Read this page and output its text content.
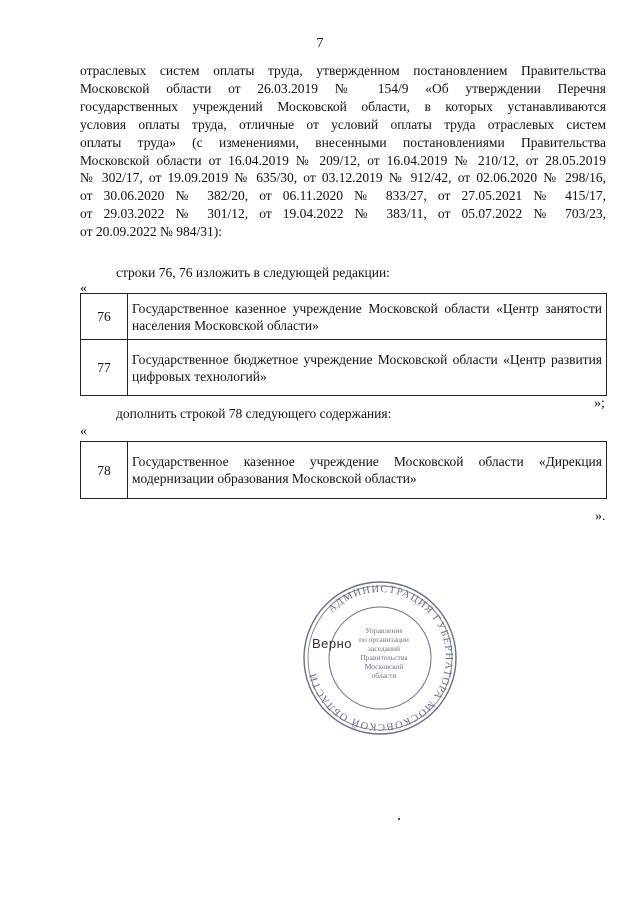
7
отраслевых систем оплаты труда, утвержденном постановлением Правительства
Московской области от 26.03.2019 № 154/9 «Об утверждении Перечня
государственных учреждений Московской области, в которых устанавливаются
условия оплаты труда, отличные от условий оплаты труда отраслевых систем
оплаты труда» (с изменениями, внесенными постановлениями Правительства
Московской области от 16.04.2019 № 209/12, от 16.04.2019 № 210/12, от 28.05.2019
№ 302/17, от 19.09.2019 № 635/30, от 03.12.2019 № 912/42, от 02.06.2020 № 298/16,
от 30.06.2020 № 382/20, от 06.11.2020 № 833/27, от 27.05.2021 № 415/17,
от 29.03.2022 № 301/12, от 19.04.2022 № 383/11, от 05.07.2022 № 703/23,
от 20.09.2022 № 984/31):
строки 76, 76 изложить в следующей редакции:
«
76	Государственное казенное учреждение Московской области «Центр занятости населения Московской области»
77	Государственное бюджетное учреждение Московской области «Центр развития цифровых технологий»
»;
дополнить строкой 78 следующего содержания:
«
78	Государственное казенное учреждение Московской области «Дирекция модернизации образования Московской области»
».
АДМИНИСТРАЦИЯ ГУБЕРНАТОРА МОСКОВСКОЙ ОБЛАСТИ
Управление
по организации
заседаний
Правительства
Московской
области
Верно
